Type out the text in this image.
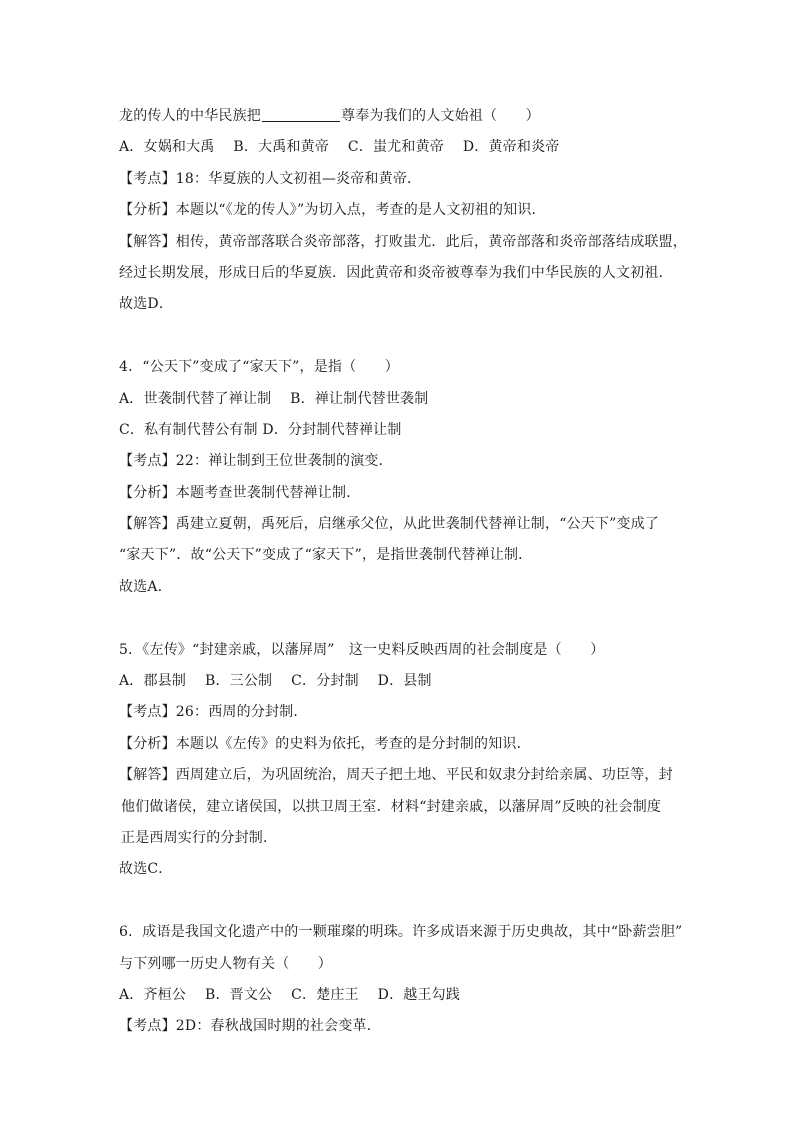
龙的传人的中华民族把	尊奉为我们的人文始祖（　　）
A．女娲和大禹　 B．大禹和黄帝　 C．蚩尤和黄帝　 D．黄帝和炎帝
【考点】18：华夏族的人文初祖—炎帝和黄帝．
【分析】本题以“《龙的传人》”为切入点，考查的是人文初祖的知识．
【解答】相传，黄帝部落联合炎帝部落，打败蚩尤．此后，黄帝部落和炎帝部落结成联盟，
经过长期发展，形成日后的华夏族．因此黄帝和炎帝被尊奉为我们中华民族的人文初祖．
故选D．
4．“公天下”变成了“家天下”，是指（　　）
A．世袭制代替了禅让制　 B．禅让制代替世袭制
C．私有制代替公有制 D．分封制代替禅让制
【考点】22：禅让制到王位世袭制的演变．
【分析】本题考查世袭制代替禅让制．
【解答】禹建立夏朝，禹死后，启继承父位，从此世袭制代替禅让制，“公天下”变成了
“家天下”．故“公天下”变成了“家天下”，是指世袭制代替禅让制．
故选A．
5．《左传》“封建亲戚，以藩屏周”　这一史料反映西周的社会制度是（　　）
A．郡县制　 B．三公制　 C．分封制　 D．县制
【考点】26：西周的分封制．
【分析】本题以《左传》的史料为依托，考查的是分封制的知识．
【解答】西周建立后，为巩固统治，周天子把土地、平民和奴隶分封给亲属、功臣等，封
他们做诸侯，建立诸侯国，以拱卫周王室．材料“封建亲戚，以藩屏周”反映的社会制度
正是西周实行的分封制．
故选C．
6．成语是我国文化遗产中的一颗璀璨的明珠。许多成语来源于历史典故，其中“卧薪尝胆”
与下列哪一历史人物有关（　　）
A．齐桓公　 B．晋文公　 C．楚庄王　 D．越王勾践
【考点】2D：春秋战国时期的社会变革．
